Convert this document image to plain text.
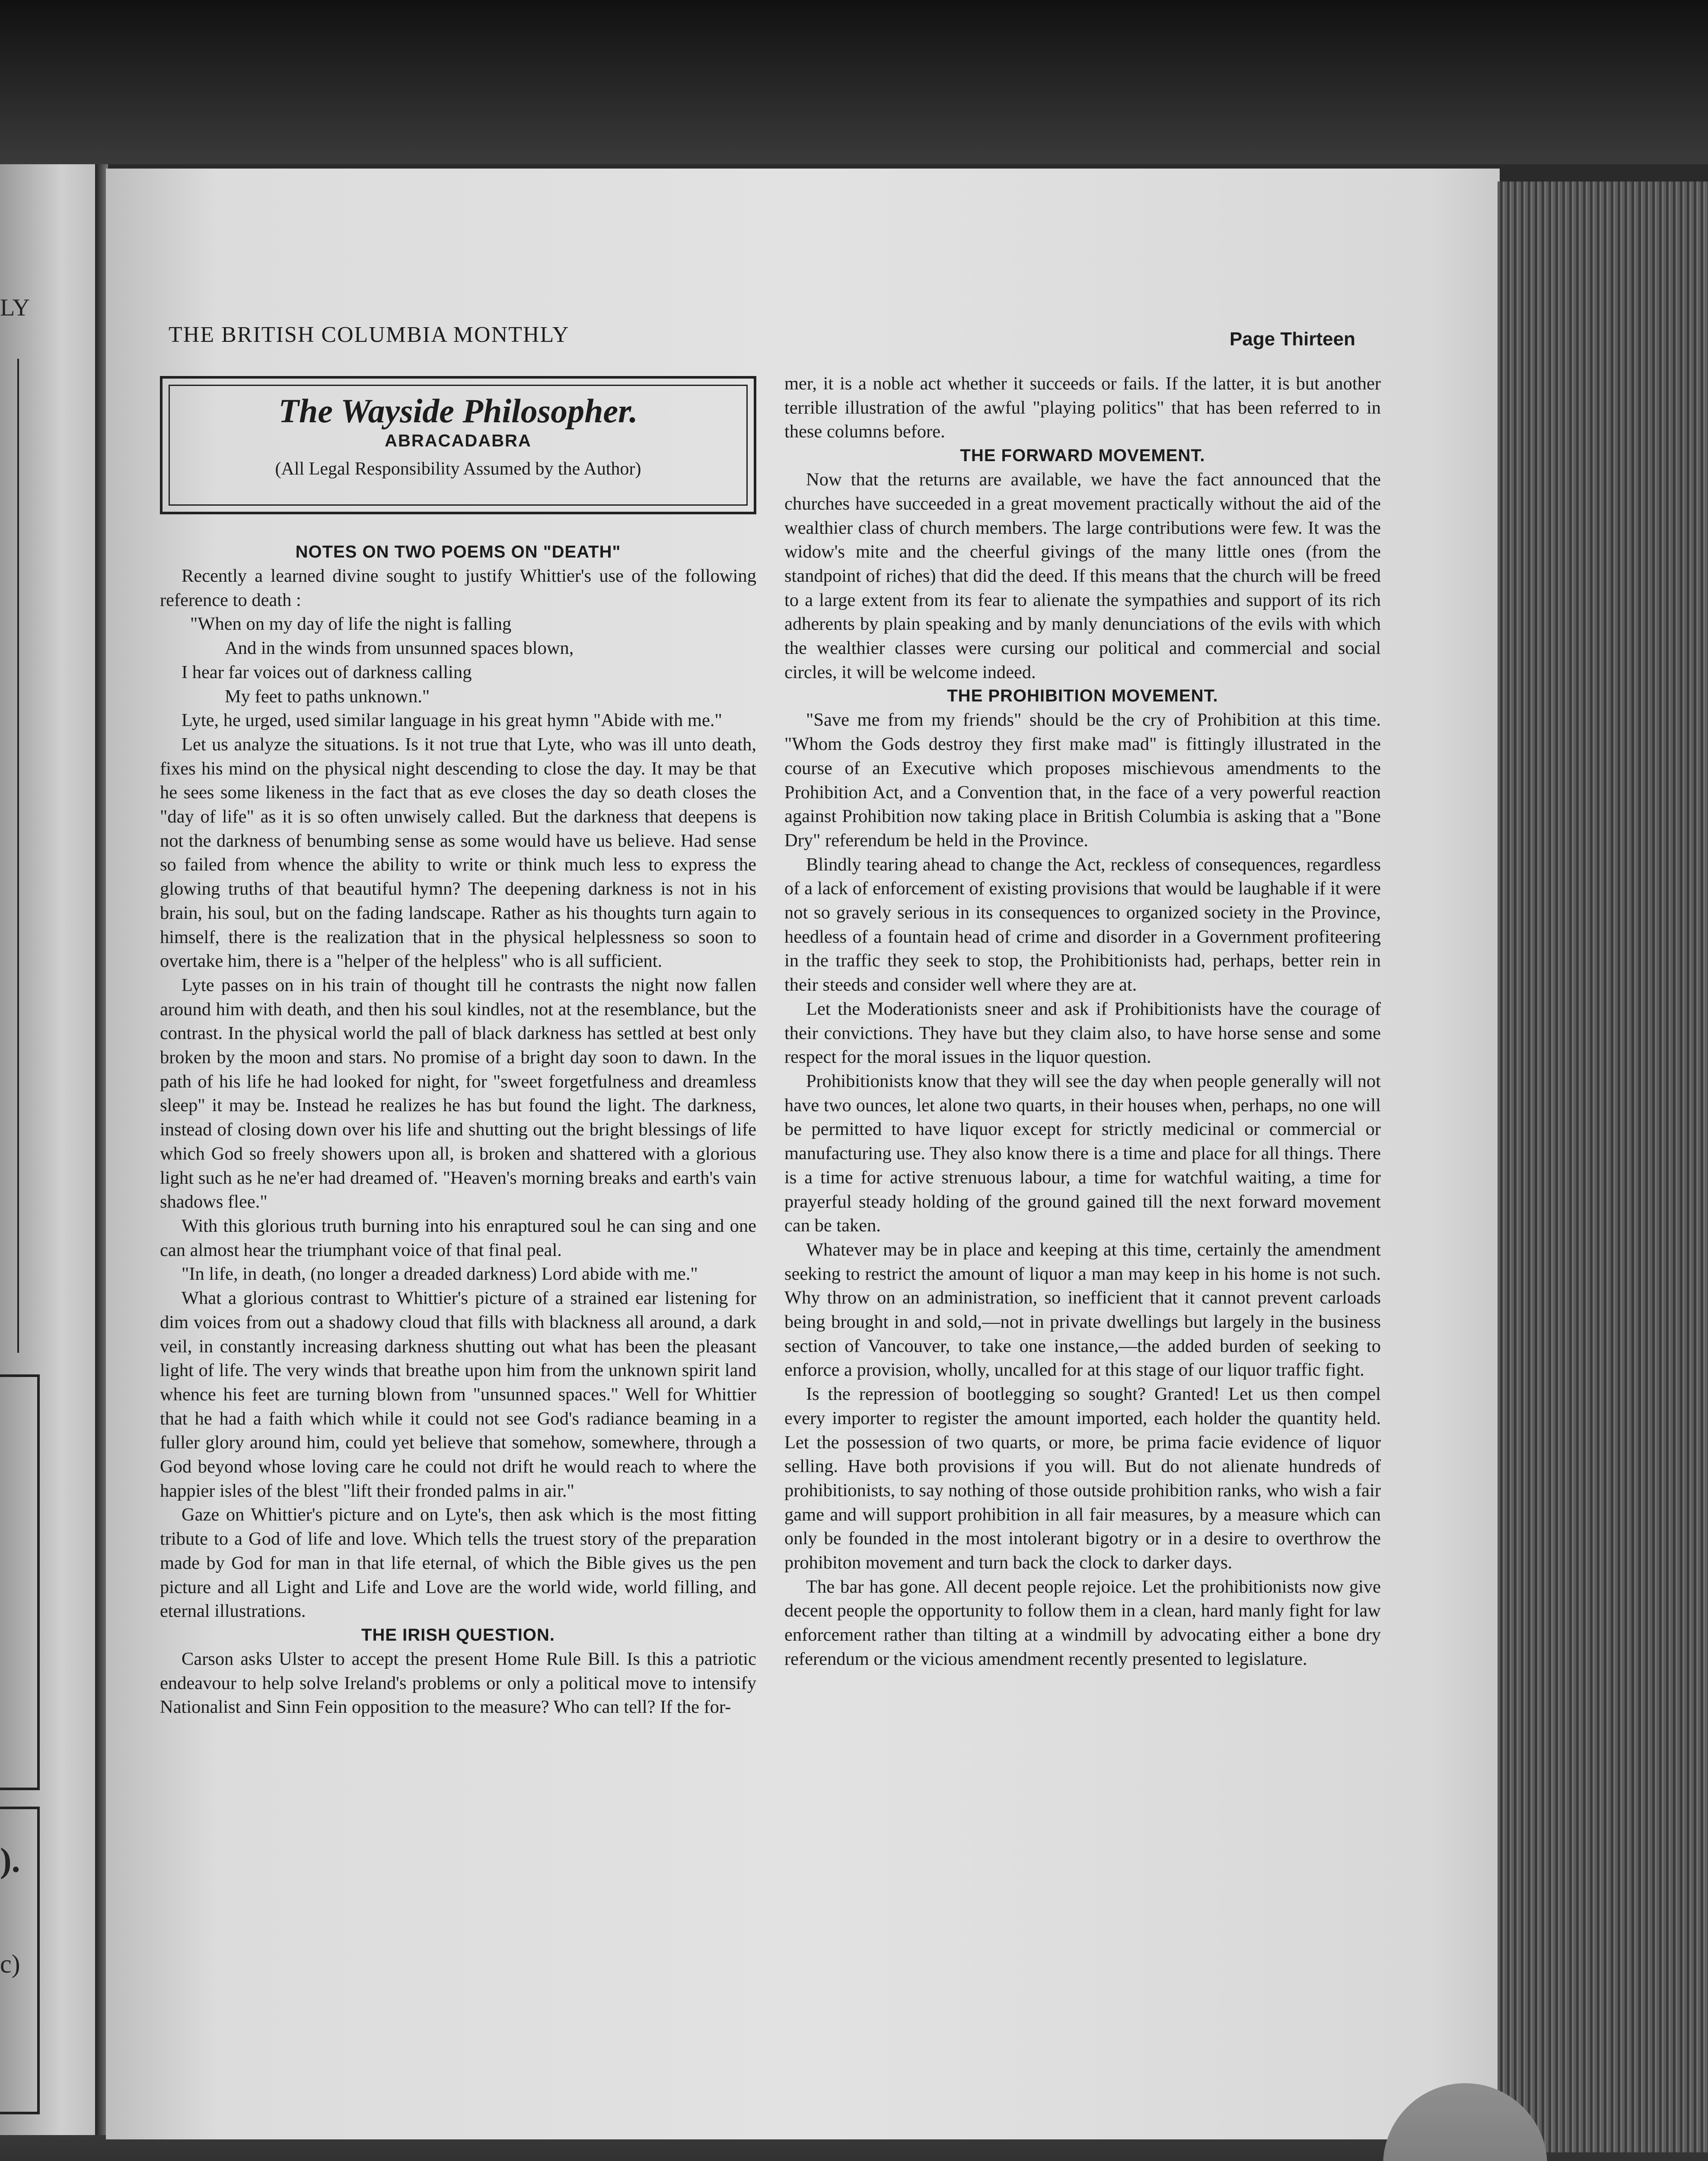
LY
).
c)
THE BRITISH COLUMBIA MONTHLY	Page Thirteen
The Wayside Philosopher.
ABRACADABRA
(All Legal Responsibility Assumed by the Author)
NOTES ON TWO POEMS ON "DEATH"

Recently a learned divine sought to justify Whittier's use of the following reference to death :

"When on my day of life the night is falling

And in the winds from unsunned spaces blown,

I hear far voices out of darkness calling

My feet to paths unknown."

Lyte, he urged, used similar language in his great hymn "Abide with me."

Let us analyze the situations. Is it not true that Lyte, who was ill unto death, fixes his mind on the physical night descending to close the day. It may be that he sees some likeness in the fact that as eve closes the day so death closes the "day of life" as it is so often unwisely called. But the darkness that deepens is not the darkness of benumbing sense as some would have us believe. Had sense so failed from whence the ability to write or think much less to express the glowing truths of that beautiful hymn? The deepening darkness is not in his brain, his soul, but on the fading landscape. Rather as his thoughts turn again to himself, there is the realization that in the physical helplessness so soon to overtake him, there is a "helper of the helpless" who is all sufficient.

Lyte passes on in his train of thought till he contrasts the night now fallen around him with death, and then his soul kindles, not at the resemblance, but the contrast. In the physical world the pall of black darkness has settled at best only broken by the moon and stars. No promise of a bright day soon to dawn. In the path of his life he had looked for night, for "sweet forgetfulness and dreamless sleep" it may be. Instead he realizes he has but found the light. The darkness, instead of closing down over his life and shutting out the bright blessings of life which God so freely showers upon all, is broken and shattered with a glorious light such as he ne'er had dreamed of. "Heaven's morning breaks and earth's vain shadows flee."

With this glorious truth burning into his enraptured soul he can sing and one can almost hear the triumphant voice of that final peal.

"In life, in death, (no longer a dreaded darkness) Lord abide with me."

What a glorious contrast to Whittier's picture of a strained ear listening for dim voices from out a shadowy cloud that fills with blackness all around, a dark veil, in constantly increasing darkness shutting out what has been the pleasant light of life. The very winds that breathe upon him from the unknown spirit land whence his feet are turning blown from "unsunned spaces." Well for Whittier that he had a faith which while it could not see God's radiance beaming in a fuller glory around him, could yet believe that somehow, somewhere, through a God beyond whose loving care he could not drift he would reach to where the happier isles of the blest "lift their fronded palms in air."

Gaze on Whittier's picture and on Lyte's, then ask which is the most fitting tribute to a God of life and love. Which tells the truest story of the preparation made by God for man in that life eternal, of which the Bible gives us the pen picture and all Light and Life and Love are the world wide, world filling, and eternal illustrations.

THE IRISH QUESTION.

Carson asks Ulster to accept the present Home Rule Bill. Is this a patriotic endeavour to help solve Ireland's problems or only a political move to intensify Nationalist and Sinn Fein opposition to the measure? Who can tell? If the for-

mer, it is a noble act whether it succeeds or fails. If the latter, it is but another terrible illustration of the awful "playing politics" that has been referred to in these columns before.

THE FORWARD MOVEMENT.

Now that the returns are available, we have the fact announced that the churches have succeeded in a great movement practically without the aid of the wealthier class of church members. The large contributions were few. It was the widow's mite and the cheerful givings of the many little ones (from the standpoint of riches) that did the deed. If this means that the church will be freed to a large extent from its fear to alienate the sympathies and support of its rich adherents by plain speaking and by manly denunciations of the evils with which the wealthier classes were cursing our political and commercial and social circles, it will be welcome indeed.

THE PROHIBITION MOVEMENT.

"Save me from my friends" should be the cry of Prohibition at this time. "Whom the Gods destroy they first make mad" is fittingly illustrated in the course of an Executive which proposes mischievous amendments to the Prohibition Act, and a Convention that, in the face of a very powerful reaction against Prohibition now taking place in British Columbia is asking that a "Bone Dry" referendum be held in the Province.

Blindly tearing ahead to change the Act, reckless of consequences, regardless of a lack of enforcement of existing provisions that would be laughable if it were not so gravely serious in its consequences to organized society in the Province, heedless of a fountain head of crime and disorder in a Government profiteering in the traffic they seek to stop, the Prohibitionists had, perhaps, better rein in their steeds and consider well where they are at.

Let the Moderationists sneer and ask if Prohibitionists have the courage of their convictions. They have but they claim also, to have horse sense and some respect for the moral issues in the liquor question.

Prohibitionists know that they will see the day when people generally will not have two ounces, let alone two quarts, in their houses when, perhaps, no one will be permitted to have liquor except for strictly medicinal or commercial or manufacturing use. They also know there is a time and place for all things. There is a time for active strenuous labour, a time for watchful waiting, a time for prayerful steady holding of the ground gained till the next forward movement can be taken.

Whatever may be in place and keeping at this time, certainly the amendment seeking to restrict the amount of liquor a man may keep in his home is not such. Why throw on an administration, so inefficient that it cannot prevent carloads being brought in and sold,—not in private dwellings but largely in the business section of Vancouver, to take one instance,—the added burden of seeking to enforce a provision, wholly, uncalled for at this stage of our liquor traffic fight.

Is the repression of bootlegging so sought? Granted! Let us then compel every importer to register the amount imported, each holder the quantity held. Let the possession of two quarts, or more, be prima facie evidence of liquor selling. Have both provisions if you will. But do not alienate hundreds of prohibitionists, to say nothing of those outside prohibition ranks, who wish a fair game and will support prohibition in all fair measures, by a measure which can only be founded in the most intolerant bigotry or in a desire to overthrow the prohibiton movement and turn back the clock to darker days.

The bar has gone. All decent people rejoice. Let the prohibitionists now give decent people the opportunity to follow them in a clean, hard manly fight for law enforcement rather than tilting at a windmill by advocating either a bone dry referendum or the vicious amendment recently presented to legislature.
